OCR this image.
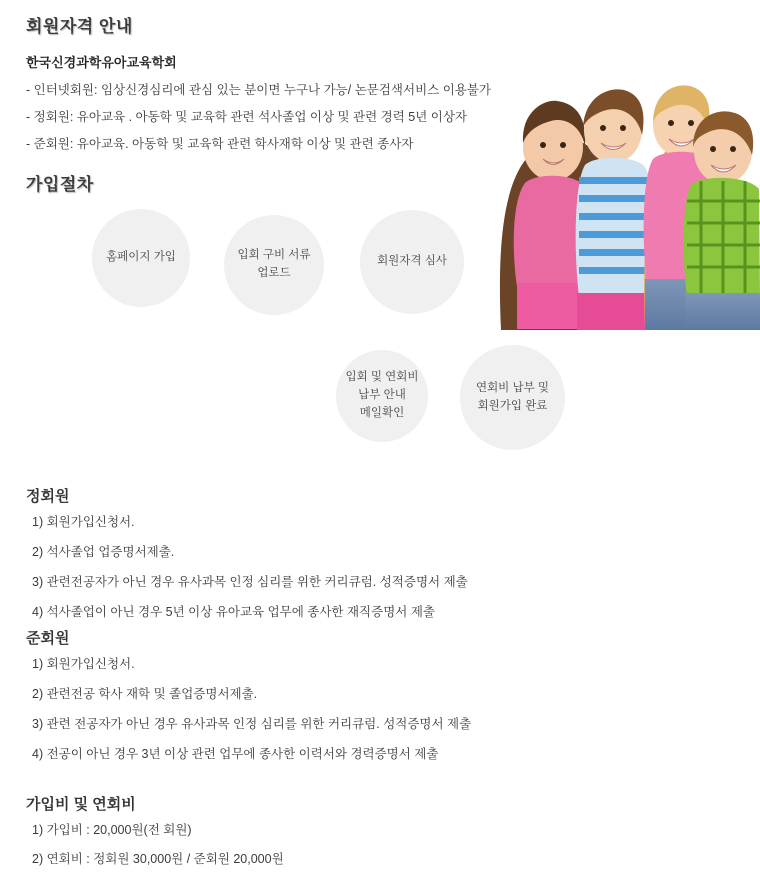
회원자격 안내
한국신경과학유아교육학회
- 인터넷회원: 임상신경심리에 관심 있는 분이면 누구나 가능/ 논문검색서비스 이용불가
- 정회원: 유아교육 . 아동학 및 교육학 관련 석사졸업 이상 및 관련 경력 5년 이상자
- 준회원: 유아교육. 아동학 및 교육학 관련 학사재학 이상 및 관련 종사자
가입절차
홈페이지 가입	입회 구비 서류
업로드
회원자격 심사
입회 및 연회비
납부 안내
메일확인
연회비 납부 및
회원가입 완료
정회원
1) 회원가입신청서.
2) 석사졸업 업증명서제출.
3) 관련전공자가 아닌 경우 유사과목 인정 심리를 위한 커리큐럼. 성적증명서 제출
4) 석사졸업이 아닌 경우 5년 이상 유아교육 업무에 종사한 재직증명서 제출
준회원
1) 회원가입신청서.
2) 관련전공 학사 재학 및 졸업증명서제출.
3) 관련 전공자가 아닌 경우 유사과목 인정 심리를 위한 커리큐럼. 성적증명서 제출
4) 전공이 아닌 경우 3년 이상 관련 업무에 종사한 이력서와 경력증명서 제출
가입비 및 연회비
1) 가입비 : 20,000원(전 회원)
2) 연회비 : 정회원 30,000원 / 준회원 20,000원
